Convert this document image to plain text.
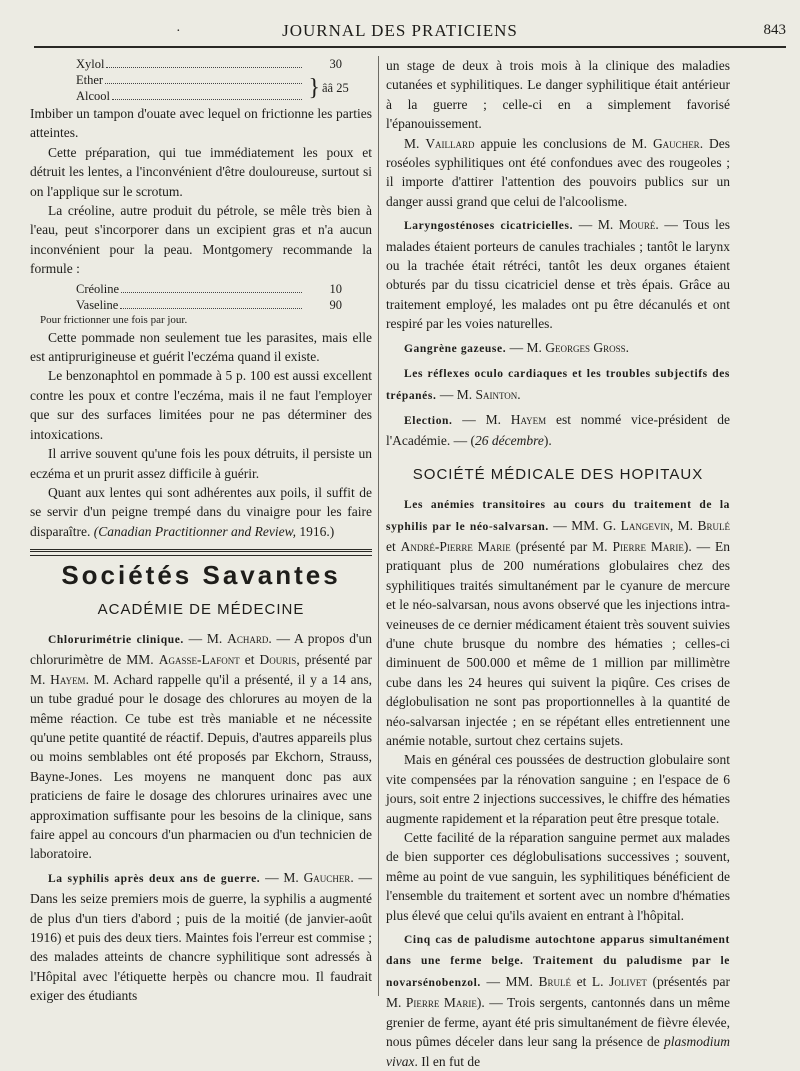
·	JOURNAL DES PRATICIENS	843
Xylol	30
Ether
Alcool	} ââ 25

Imbiber un tampon d'ouate avec lequel on frictionne les parties atteintes.

Cette préparation, qui tue immédiatement les poux et détruit les lentes, a l'inconvénient d'être douloureuse, surtout si on l'applique sur le scrotum.

La créoline, autre produit du pétrole, se mêle très bien à l'eau, peut s'incorporer dans un excipient gras et n'a aucun inconvénient pour la peau. Montgomery recommande la formule :

Créoline	10
Vaseline	90
Pour frictionner une fois par jour.

Cette pommade non seulement tue les parasites, mais elle est antiprurigineuse et guérit l'eczéma quand il existe.

Le benzonaphtol en pommade à 5 p. 100 est aussi excellent contre les poux et contre l'eczéma, mais il ne faut l'employer que sur des surfaces limitées pour ne pas déterminer des intoxications.

Il arrive souvent qu'une fois les poux détruits, il persiste un eczéma et un prurit assez difficile à guérir.

Quant aux lentes qui sont adhérentes aux poils, il suffit de se servir d'un peigne trempé dans du vinaigre pour les faire disparaître. (Canadian Practitionner and Review, 1916.)

Sociétés Savantes
ACADÉMIE DE MÉDECINE

Chlorurimétrie clinique. — M. Achard. — A propos d'un chlorurimètre de MM. Agasse-Lafont et Douris, présenté par M. Hayem. M. Achard rappelle qu'il a présenté, il y a 14 ans, un tube gradué pour le dosage des chlorures au moyen de la même réaction. Ce tube est très maniable et ne nécessite qu'une petite quantité de réactif. Depuis, d'autres appareils plus ou moins semblables ont été proposés par Ekchorn, Strauss, Bayne-Jones. Les moyens ne manquent donc pas aux praticiens de faire le dosage des chlorures urinaires avec une approximation suffisante pour les besoins de la clinique, sans faire appel au concours d'un pharmacien ou d'un technicien de laboratoire.

La syphilis après deux ans de guerre. — M. Gaucher. — Dans les seize premiers mois de guerre, la syphilis a augmenté de plus d'un tiers d'abord ; puis de la moitié (de janvier-août 1916) et puis des deux tiers. Maintes fois l'erreur est commise ; des malades atteints de chancre syphilitique sont adressés à l'Hôpital avec l'étiquette herpès ou chancre mou. Il faudrait exiger des étudiants

un stage de deux à trois mois à la clinique des maladies cutanées et syphilitiques. Le danger syphilitique était antérieur à la guerre ; celle-ci en a simplement favorisé l'épanouissement.

M. Vaillard appuie les conclusions de M. Gaucher. Des roséoles syphilitiques ont été confondues avec des rougeoles ; il importe d'attirer l'attention des pouvoirs publics sur un danger aussi grand que celui de l'alcoolisme.

Laryngosténoses cicatricielles. — M. Mouré. — Tous les malades étaient porteurs de canules trachiales ; tantôt le larynx ou la trachée était rétréci, tantôt les deux organes étaient obturés par du tissu cicatriciel dense et très épais. Grâce au traitement employé, les malades ont pu être décanulés et ont respiré par les voies naturelles.

Gangrène gazeuse. — M. Georges Gross.

Les réflexes oculo cardiaques et les troubles subjectifs des trépanés. — M. Sainton.

Election. — M. Hayem est nommé vice-président de l'Académie. — (26 décembre).

SOCIÉTÉ MÉDICALE DES HOPITAUX

Les anémies transitoires au cours du traitement de la syphilis par le néo-salvarsan. — MM. G. Langevin, M. Brulé et André-Pierre Marie (présenté par M. Pierre Marie). — En pratiquant plus de 200 numérations globulaires chez des syphilitiques traités simultanément par le cyanure de mercure et le néo-salvarsan, nous avons observé que les injections intra-veineuses de ce dernier médicament étaient très souvent suivies d'une chute brusque du nombre des hématies ; celles-ci diminuent de 500.000 et même de 1 million par millimètre cube dans les 24 heures qui suivent la piqûre. Ces crises de déglobulisation ne sont pas proportionnelles à la quantité de néo-salvarsan injectée ; en se répétant elles entretiennent une anémie notable, surtout chez certains sujets.

Mais en général ces poussées de destruction globulaire sont vite compensées par la rénovation sanguine ; en l'espace de 6 jours, soit entre 2 injections successives, le chiffre des hématies augmente rapidement et la réparation peut être presque totale.

Cette facilité de la réparation sanguine permet aux malades de bien supporter ces déglobulisations successives ; souvent, même au point de vue sanguin, les syphilitiques bénéficient de l'ensemble du traitement et sortent avec un nombre d'hématies plus élevé que celui qu'ils avaient en entrant à l'hôpital.

Cinq cas de paludisme autochtone apparus simultanément dans une ferme belge. Traitement du paludisme par le novarsénobenzol. — MM. Brulé et L. Jolivet (présentés par M. Pierre Marie). — Trois sergents, cantonnés dans un même grenier de ferme, ayant été pris simultanément de fièvre élevée, nous pûmes déceler dans leur sang la présence de plasmodium vivax. Il en fut de
